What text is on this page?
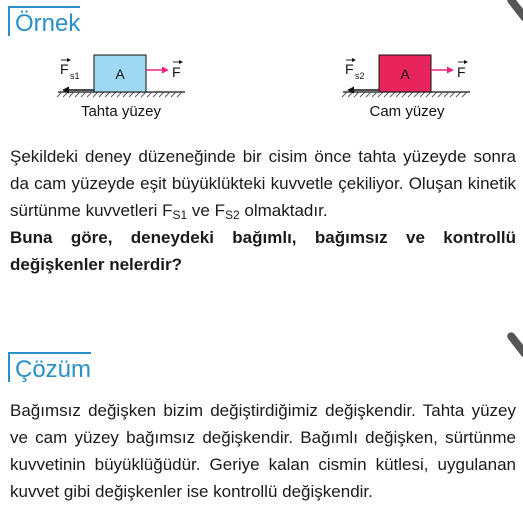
Örnek
A
F s1	F
Tahta yüzey
A
F s2	F
Cam yüzey

Şekildeki deney düzeneğinde bir cisim önce tahta yüzeyde sonra da cam yüzeyde eşit büyüklükteki kuvvetle çekiliyor. Oluşan kinetik sürtünme kuvvetleri $F_{S1}$ ve $F_{S2}$ olmaktadır.

Buna göre, deneydeki bağımlı, bağımsız ve kontrollü değişkenler nelerdir?

Çözüm

Bağımsız değişken bizim değiştirdiğimiz değişkendir. Tahta yüzey ve cam yüzey bağımsız değişkendir. Bağımlı değişken, sürtünme kuvvetinin büyüklüğüdür. Geriye kalan cismin kütlesi, uygulanan kuvvet gibi değişkenler ise kontrollü değişkendir.
